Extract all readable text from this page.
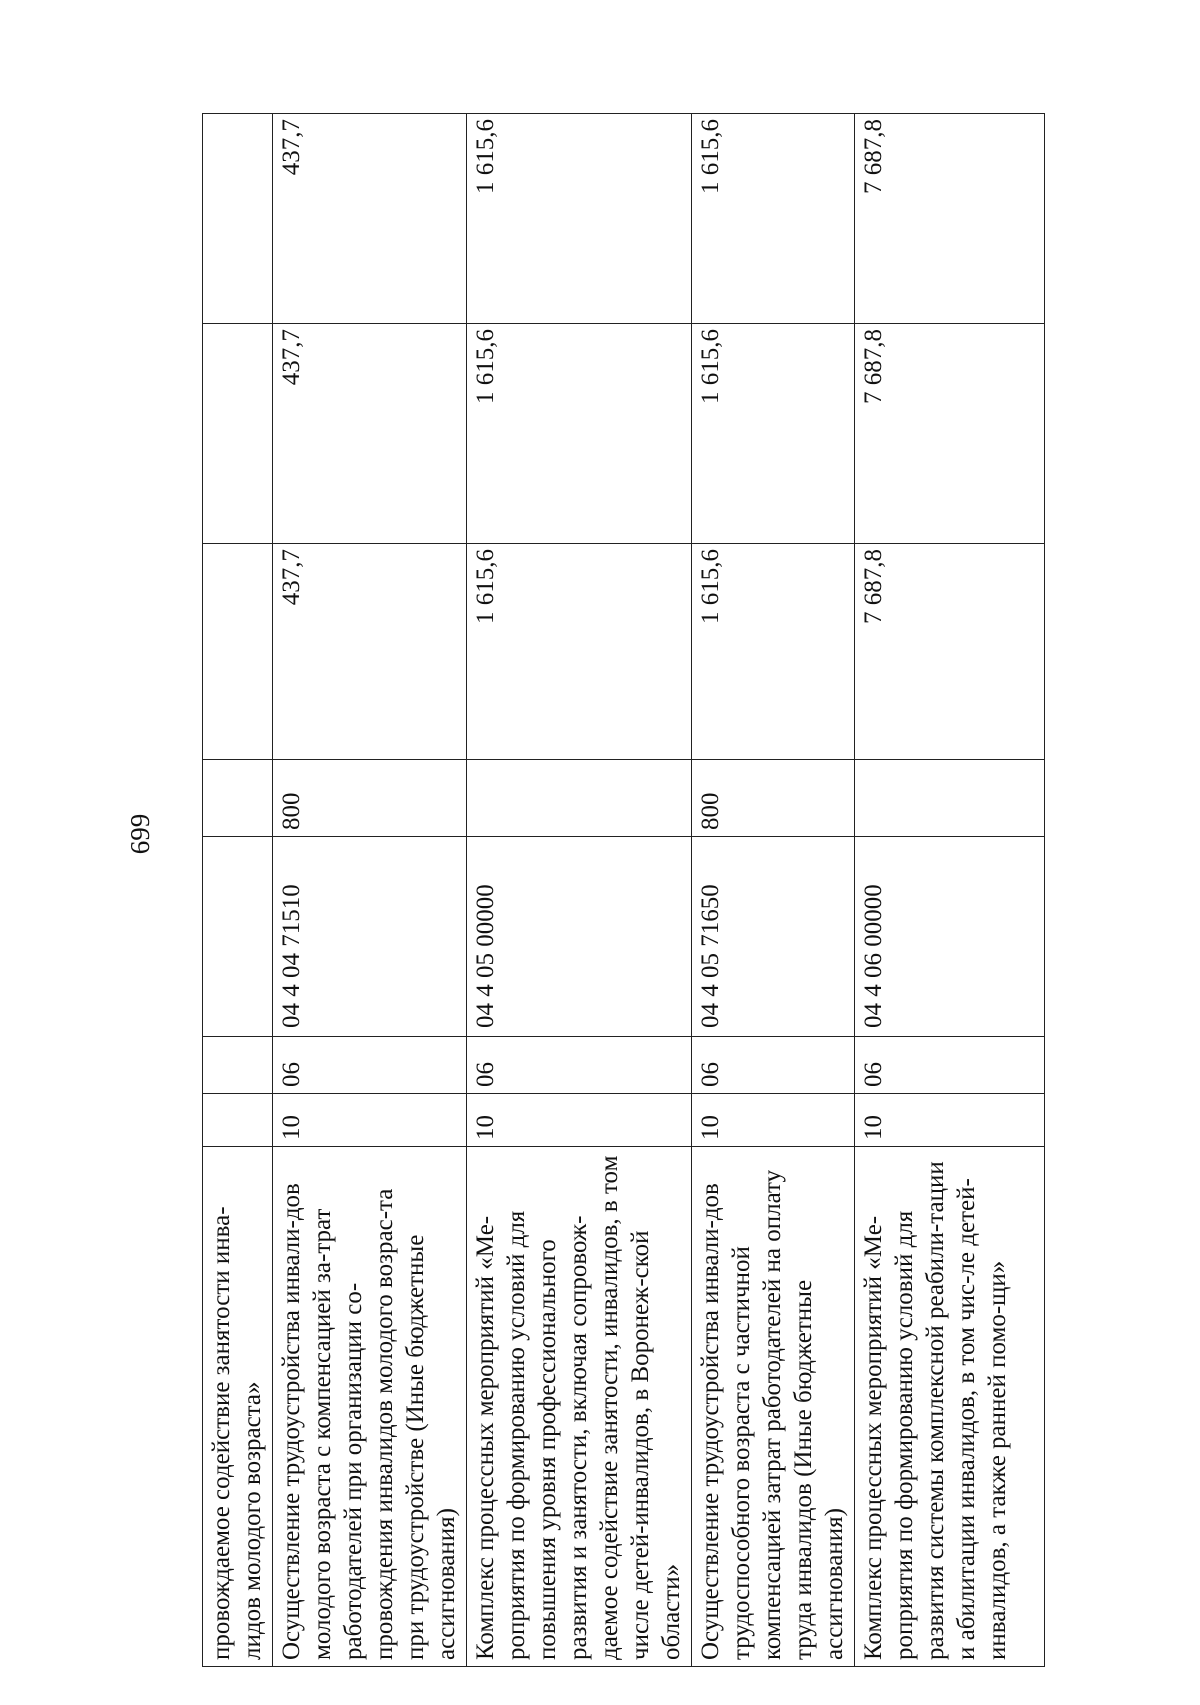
699
провождаемое содействие занятости инва-лидов молодого возраста»							
Осуществление трудоустройства инвали-дов молодого возраста с компенсацией за-трат работодателей при организации со-провождения инвалидов молодого возрас-та при трудоустройстве (Иные бюджетные ассигнования)	10	06	04 4 04 71510	800	437,7	437,7	437,7
Комплекс процессных мероприятий «Ме-роприятия по формированию условий для повышения уровня профессионального развития и занятости, включая сопровож-даемое содействие занятости, инвалидов, в том числе детей-инвалидов, в Воронеж-ской области»	10	06	04 4 05 00000		1 615,6	1 615,6	1 615,6
Осуществление трудоустройства инвали-дов трудоспособного возраста с частичной компенсацией затрат работодателей на оплату труда инвалидов (Иные бюджетные ассигнования)	10	06	04 4 05 71650	800	1 615,6	1 615,6	1 615,6
Комплекс процессных мероприятий «Ме-роприятия по формированию условий для развития системы комплексной реабили-тации и абилитации инвалидов, в том чис-ле детей-инвалидов, а также ранней помо-щи»	10	06	04 4 06 00000		7 687,8	7 687,8	7 687,8
